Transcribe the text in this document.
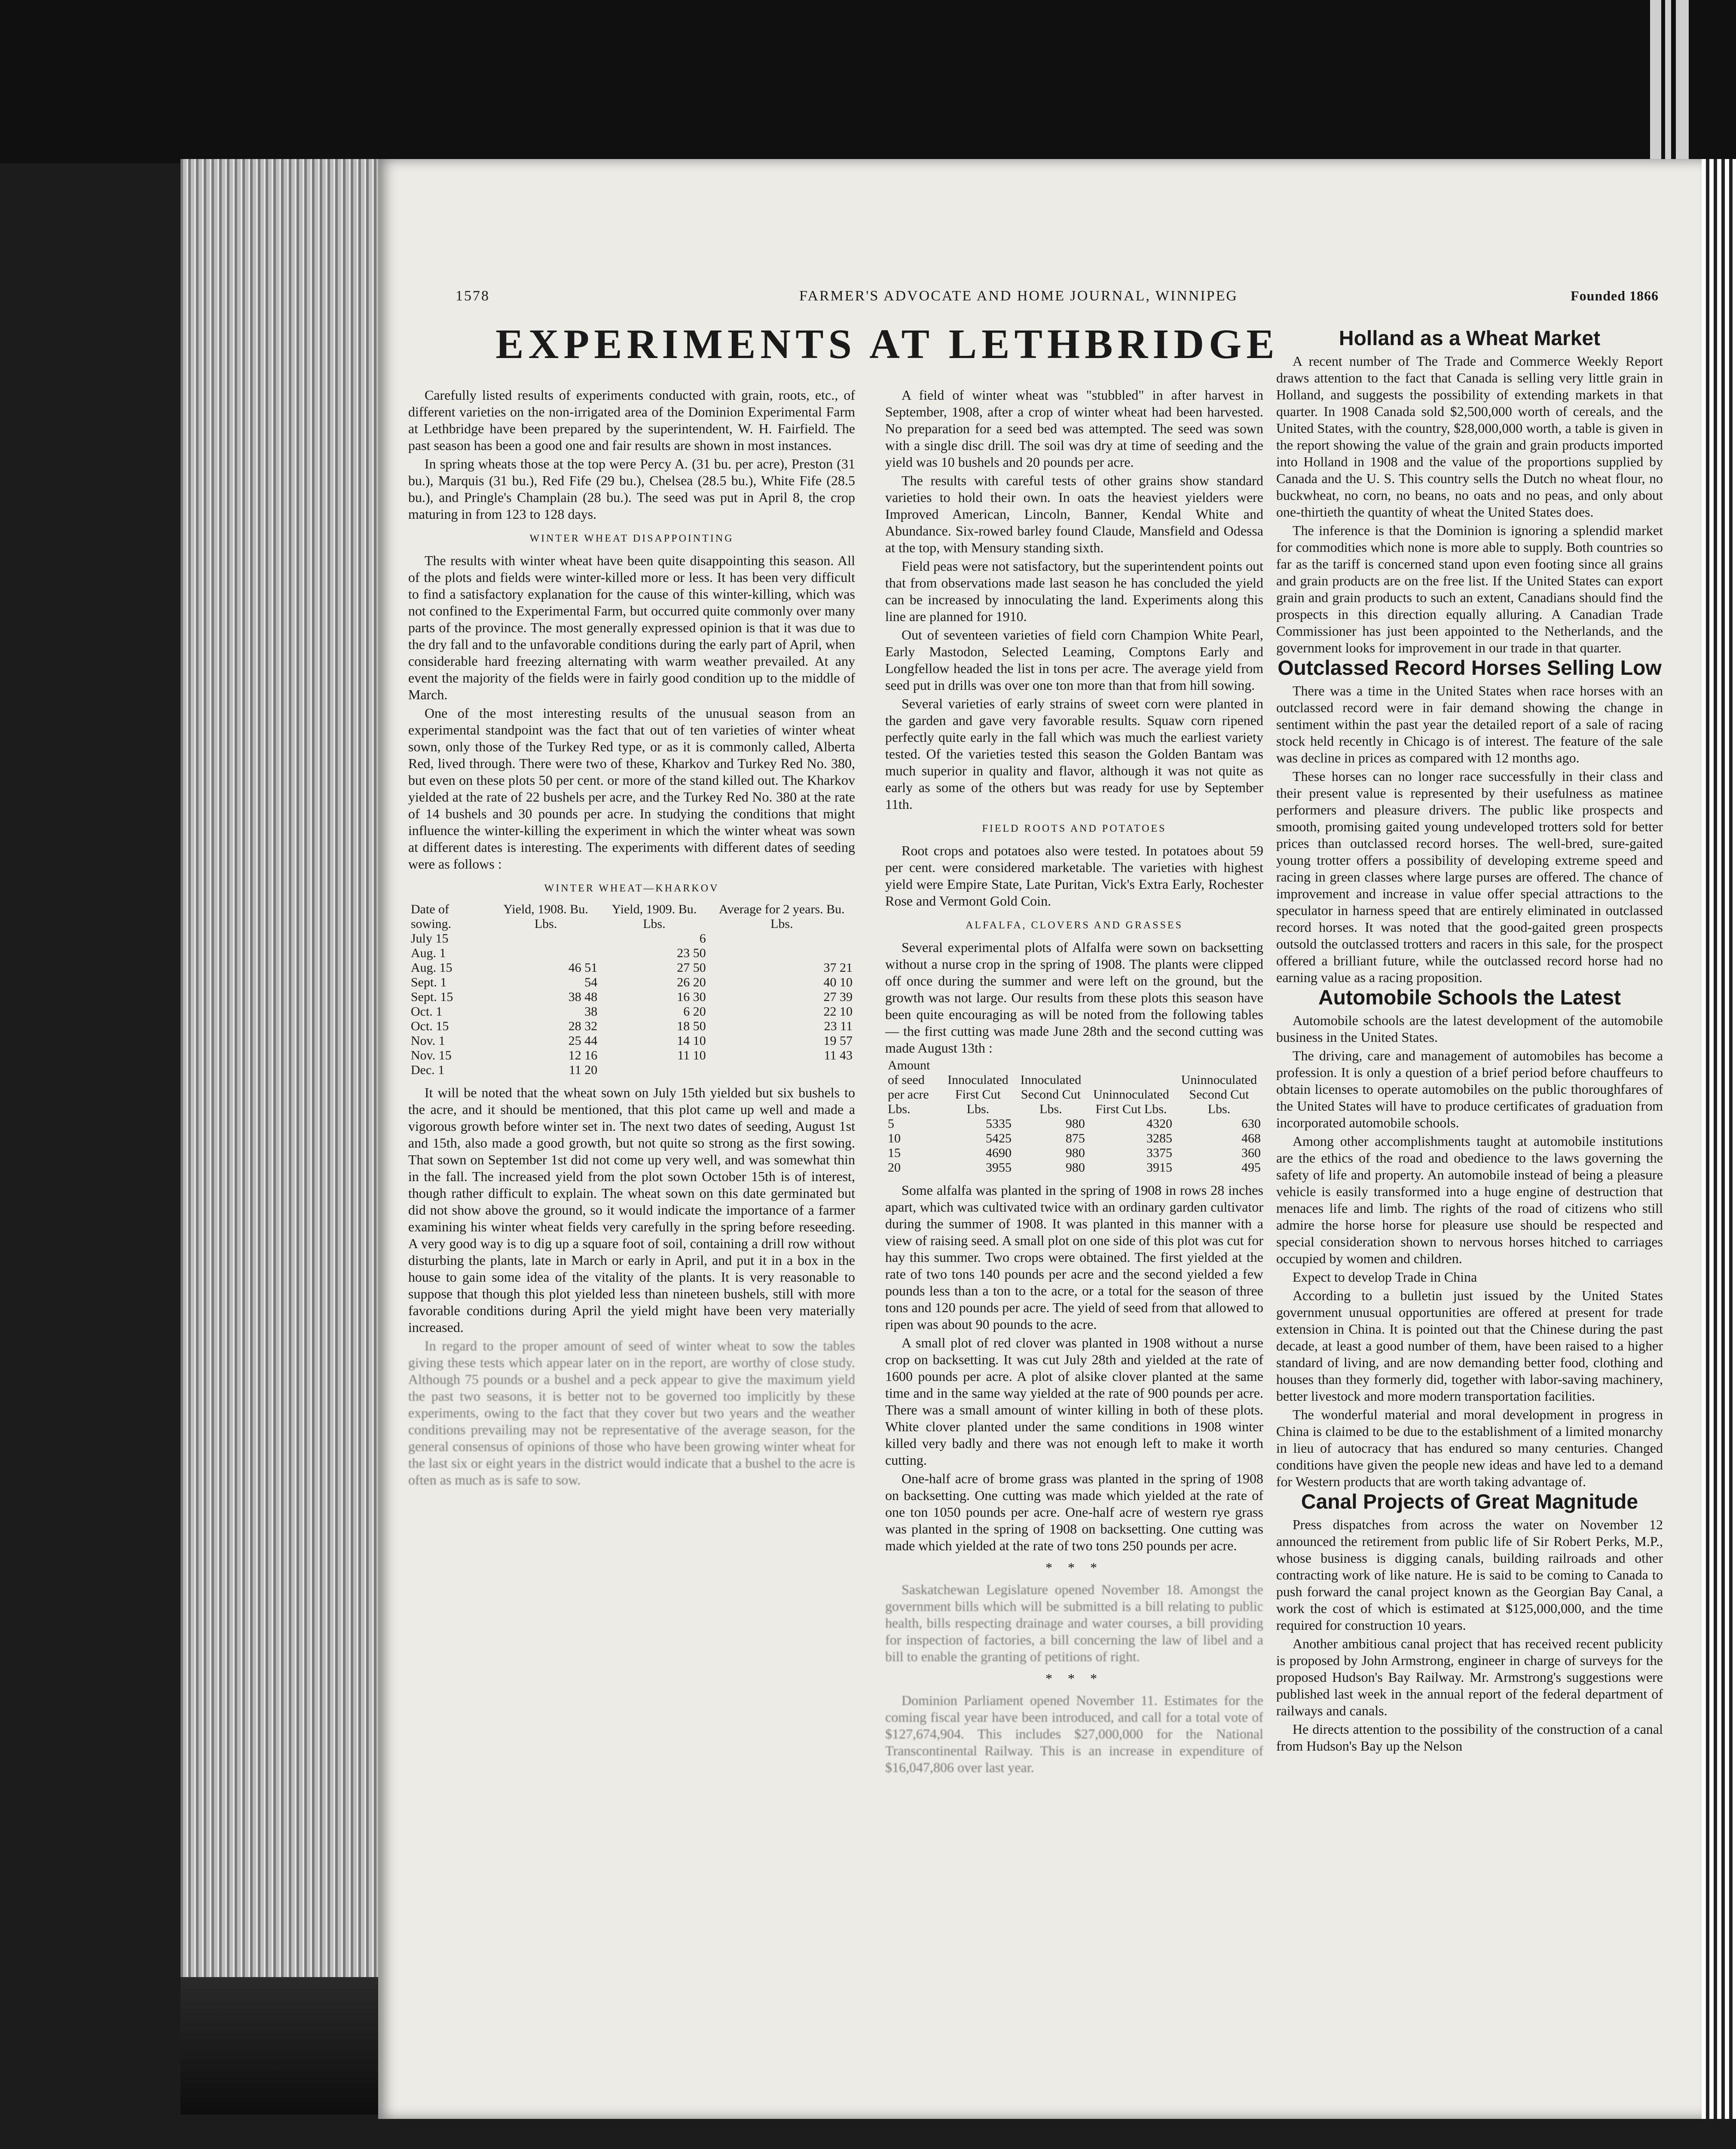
1578	FARMER'S ADVOCATE AND HOME JOURNAL, WINNIPEG	Founded 1866
EXPERIMENTS AT LETHBRIDGE

Carefully listed results of experiments conducted with grain, roots, etc., of different varieties on the non-irrigated area of the Dominion Experimental Farm at Lethbridge have been prepared by the superintendent, W. H. Fairfield. The past season has been a good one and fair results are shown in most instances.

In spring wheats those at the top were Percy A. (31 bu. per acre), Preston (31 bu.), Marquis (31 bu.), Red Fife (29 bu.), Chelsea (28.5 bu.), White Fife (28.5 bu.), and Pringle's Champlain (28 bu.). The seed was put in April 8, the crop maturing in from 123 to 128 days.

WINTER WHEAT DISAPPOINTING

The results with winter wheat have been quite disappointing this season. All of the plots and fields were winter-killed more or less. It has been very difficult to find a satisfactory explanation for the cause of this winter-killing, which was not confined to the Experimental Farm, but occurred quite commonly over many parts of the province. The most generally expressed opinion is that it was due to the dry fall and to the unfavorable conditions during the early part of April, when considerable hard freezing alternating with warm weather prevailed. At any event the majority of the fields were in fairly good condition up to the middle of March.

One of the most interesting results of the unusual season from an experimental standpoint was the fact that out of ten varieties of winter wheat sown, only those of the Turkey Red type, or as it is commonly called, Alberta Red, lived through. There were two of these, Kharkov and Turkey Red No. 380, but even on these plots 50 per cent. or more of the stand killed out. The Kharkov yielded at the rate of 22 bushels per acre, and the Turkey Red No. 380 at the rate of 14 bushels and 30 pounds per acre. In studying the conditions that might influence the winter-killing the experiment in which the winter wheat was sown at different dates is interesting. The experiments with different dates of seeding were as follows :

WINTER WHEAT—KHARKOV
Date of sowing.	Yield, 1908. Bu. Lbs.	Yield, 1909. Bu. Lbs.	Average for 2 years. Bu. Lbs.
July 15		6	
Aug. 1		23 50	
Aug. 15	46 51	27 50	37 21
Sept. 1	54	26 20	40 10
Sept. 15	38 48	16 30	27 39
Oct. 1	38	6 20	22 10
Oct. 15	28 32	18 50	23 11
Nov. 1	25 44	14 10	19 57
Nov. 15	12 16	11 10	11 43
Dec. 1	11 20		

It will be noted that the wheat sown on July 15th yielded but six bushels to the acre, and it should be mentioned, that this plot came up well and made a vigorous growth before winter set in. The next two dates of seeding, August 1st and 15th, also made a good growth, but not quite so strong as the first sowing. That sown on September 1st did not come up very well, and was somewhat thin in the fall. The increased yield from the plot sown October 15th is of interest, though rather difficult to explain. The wheat sown on this date germinated but did not show above the ground, so it would indicate the importance of a farmer examining his winter wheat fields very carefully in the spring before reseeding. A very good way is to dig up a square foot of soil, containing a drill row without disturbing the plants, late in March or early in April, and put it in a box in the house to gain some idea of the vitality of the plants. It is very reasonable to suppose that though this plot yielded less than nineteen bushels, still with more favorable conditions during April the yield might have been very materially increased.

In regard to the proper amount of seed of winter wheat to sow the tables giving these tests which appear later on in the report, are worthy of close study. Although 75 pounds or a bushel and a peck appear to give the maximum yield the past two seasons, it is better not to be governed too implicitly by these experiments, owing to the fact that they cover but two years and the weather conditions prevailing may not be representative of the average season, for the general consensus of opinions of those who have been growing winter wheat for the last six or eight years in the district would indicate that a bushel to the acre is often as much as is safe to sow.

A field of winter wheat was "stubbled" in after harvest in September, 1908, after a crop of winter wheat had been harvested. No preparation for a seed bed was attempted. The seed was sown with a single disc drill. The soil was dry at time of seeding and the yield was 10 bushels and 20 pounds per acre.

The results with careful tests of other grains show standard varieties to hold their own. In oats the heaviest yielders were Improved American, Lincoln, Banner, Kendal White and Abundance. Six-rowed barley found Claude, Mansfield and Odessa at the top, with Mensury standing sixth.

Field peas were not satisfactory, but the superintendent points out that from observations made last season he has concluded the yield can be increased by innoculating the land. Experiments along this line are planned for 1910.

Out of seventeen varieties of field corn Champion White Pearl, Early Mastodon, Selected Leaming, Comptons Early and Longfellow headed the list in tons per acre. The average yield from seed put in drills was over one ton more than that from hill sowing.

Several varieties of early strains of sweet corn were planted in the garden and gave very favorable results. Squaw corn ripened perfectly quite early in the fall which was much the earliest variety tested. Of the varieties tested this season the Golden Bantam was much superior in quality and flavor, although it was not quite as early as some of the others but was ready for use by September 11th.

FIELD ROOTS AND POTATOES

Root crops and potatoes also were tested. In potatoes about 59 per cent. were considered marketable. The varieties with highest yield were Empire State, Late Puritan, Vick's Extra Early, Rochester Rose and Vermont Gold Coin.

ALFALFA, CLOVERS AND GRASSES

Several experimental plots of Alfalfa were sown on backsetting without a nurse crop in the spring of 1908. The plants were clipped off once during the summer and were left on the ground, but the growth was not large. Our results from these plots this season have been quite encouraging as will be noted from the following tables — the first cutting was made June 28th and the second cutting was made August 13th :

Amount of seed per acre Lbs.	Innoculated First Cut Lbs.	Innoculated Second Cut Lbs.	Uninnoculated First Cut Lbs.	Uninnoculated Second Cut Lbs.
5	5335	980	4320	630
10	5425	875	3285	468
15	4690	980	3375	360
20	3955	980	3915	495

Some alfalfa was planted in the spring of 1908 in rows 28 inches apart, which was cultivated twice with an ordinary garden cultivator during the summer of 1908. It was planted in this manner with a view of raising seed. A small plot on one side of this plot was cut for hay this summer. Two crops were obtained. The first yielded at the rate of two tons 140 pounds per acre and the second yielded a few pounds less than a ton to the acre, or a total for the season of three tons and 120 pounds per acre. The yield of seed from that allowed to ripen was about 90 pounds to the acre.

A small plot of red clover was planted in 1908 without a nurse crop on backsetting. It was cut July 28th and yielded at the rate of 1600 pounds per acre. A plot of alsike clover planted at the same time and in the same way yielded at the rate of 900 pounds per acre. There was a small amount of winter killing in both of these plots. White clover planted under the same conditions in 1908 winter killed very badly and there was not enough left to make it worth cutting.

One-half acre of brome grass was planted in the spring of 1908 on backsetting. One cutting was made which yielded at the rate of one ton 1050 pounds per acre. One-half acre of western rye grass was planted in the spring of 1908 on backsetting. One cutting was made which yielded at the rate of two tons 250 pounds per acre.

* * *

Saskatchewan Legislature opened November 18. Amongst the government bills which will be submitted is a bill relating to public health, bills respecting drainage and water courses, a bill providing for inspection of factories, a bill concerning the law of libel and a bill to enable the granting of petitions of right.

* * *

Dominion Parliament opened November 11. Estimates for the coming fiscal year have been introduced, and call for a total vote of $127,674,904. This includes $27,000,000 for the National Transcontinental Railway. This is an increase in expenditure of $16,047,806 over last year.

Holland as a Wheat Market

A recent number of The Trade and Commerce Weekly Report draws attention to the fact that Canada is selling very little grain in Holland, and suggests the possibility of extending markets in that quarter. In 1908 Canada sold $2,500,000 worth of cereals, and the United States, with the country, $28,000,000 worth, a table is given in the report showing the value of the grain and grain products imported into Holland in 1908 and the value of the proportions supplied by Canada and the U. S. This country sells the Dutch no wheat flour, no buckwheat, no corn, no beans, no oats and no peas, and only about one-thirtieth the quantity of wheat the United States does.

The inference is that the Dominion is ignoring a splendid market for commodities which none is more able to supply. Both countries so far as the tariff is concerned stand upon even footing since all grains and grain products are on the free list. If the United States can export grain and grain products to such an extent, Canadians should find the prospects in this direction equally alluring. A Canadian Trade Commissioner has just been appointed to the Netherlands, and the government looks for improvement in our trade in that quarter.

Outclassed Record Horses Selling Low

There was a time in the United States when race horses with an outclassed record were in fair demand showing the change in sentiment within the past year the detailed report of a sale of racing stock held recently in Chicago is of interest. The feature of the sale was decline in prices as compared with 12 months ago.

These horses can no longer race successfully in their class and their present value is represented by their usefulness as matinee performers and pleasure drivers. The public like prospects and smooth, promising gaited young undeveloped trotters sold for better prices than outclassed record horses. The well-bred, sure-gaited young trotter offers a possibility of developing extreme speed and racing in green classes where large purses are offered. The chance of improvement and increase in value offer special attractions to the speculator in harness speed that are entirely eliminated in outclassed record horses. It was noted that the good-gaited green prospects outsold the outclassed trotters and racers in this sale, for the prospect offered a brilliant future, while the outclassed record horse had no earning value as a racing proposition.

Automobile Schools the Latest

Automobile schools are the latest development of the automobile business in the United States.

The driving, care and management of automobiles has become a profession. It is only a question of a brief period before chauffeurs to obtain licenses to operate automobiles on the public thoroughfares of the United States will have to produce certificates of graduation from incorporated automobile schools.

Among other accomplishments taught at automobile institutions are the ethics of the road and obedience to the laws governing the safety of life and property. An automobile instead of being a pleasure vehicle is easily transformed into a huge engine of destruction that menaces life and limb. The rights of the road of citizens who still admire the horse horse for pleasure use should be respected and special consideration shown to nervous horses hitched to carriages occupied by women and children.

Expect to develop Trade in China

According to a bulletin just issued by the United States government unusual opportunities are offered at present for trade extension in China. It is pointed out that the Chinese during the past decade, at least a good number of them, have been raised to a higher standard of living, and are now demanding better food, clothing and houses than they formerly did, together with labor-saving machinery, better livestock and more modern transportation facilities.

The wonderful material and moral development in progress in China is claimed to be due to the establishment of a limited monarchy in lieu of autocracy that has endured so many centuries. Changed conditions have given the people new ideas and have led to a demand for Western products that are worth taking advantage of.

Canal Projects of Great Magnitude

Press dispatches from across the water on November 12 announced the retirement from public life of Sir Robert Perks, M.P., whose business is digging canals, building railroads and other contracting work of like nature. He is said to be coming to Canada to push forward the canal project known as the Georgian Bay Canal, a work the cost of which is estimated at $125,000,000, and the time required for construction 10 years.

Another ambitious canal project that has received recent publicity is proposed by John Armstrong, engineer in charge of surveys for the proposed Hudson's Bay Railway. Mr. Armstrong's suggestions were published last week in the annual report of the federal department of railways and canals.

He directs attention to the possibility of the construction of a canal from Hudson's Bay up the Nelson
